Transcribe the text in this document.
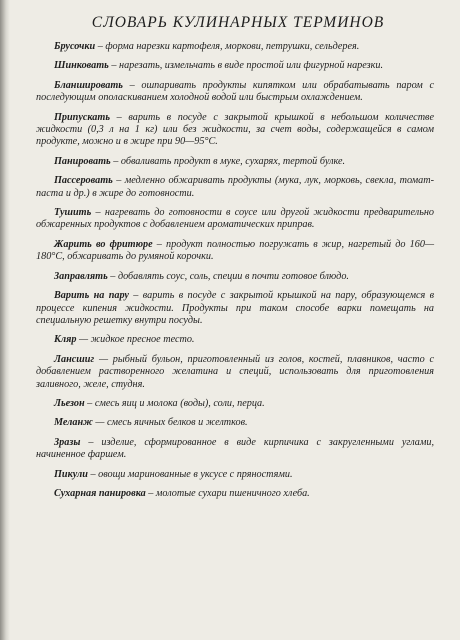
СЛОВАРЬ КУЛИНАРНЫХ ТЕРМИНОВ

Брусочки – форма нарезки картофеля, моркови, петрушки, сельдерея.

Шинковать – нарезать, измельчать в виде простой или фигурной нарезки.

Бланшировать – ошпаривать продукты кипятком или обрабатывать паром с последующим ополаскиванием холодной водой или быстрым охлаждением.

Припускать – варить в посуде с закрытой крышкой в небольшом количестве жидкости (0,3 л на 1 кг) или без жидкости, за счет воды, содержащейся в самом продукте, можно и в жире при 90—95°С.

Панировать – обваливать продукт в муке, сухарях, тертой булке.

Пассеровать – медленно обжаривать продукты (мука, лук, морковь, свекла, томат-паста и др.) в жире до готовности.

Тушить – нагревать до готовности в соусе или другой жидкости предварительно обжаренных продуктов с добавлением ароматических приправ.

Жарить во фритюре – продукт полностью погружать в жир, нагретый до 160—180°С, обжаривать до румяной корочки.

Заправлять – добавлять соус, соль, специи в почти готовое блюдо.

Варить на пару – варить в посуде с закрытой крышкой на пару, образующемся в процессе кипения жидкости. Продукты при таком способе варки помещать на специальную решетку внутри посуды.

Кляр — жидкое пресное тесто.

Лансшиг — рыбный бульон, приготовленный из голов, костей, плавников, часто с добавлением растворенного желатина и специй, использовать для приготовления заливного, желе, студня.

Льезон – смесь яиц и молока (воды), соли, перца.

Меланж — смесь яичных белков и желтков.

Зразы – изделие, сформированное в виде кирпичика с закругленными углами, начиненное фаршем.

Пикули – овощи маринованные в уксусе с пряностями.

Сухарная панировка – молотые сухари пшеничного хлеба.
